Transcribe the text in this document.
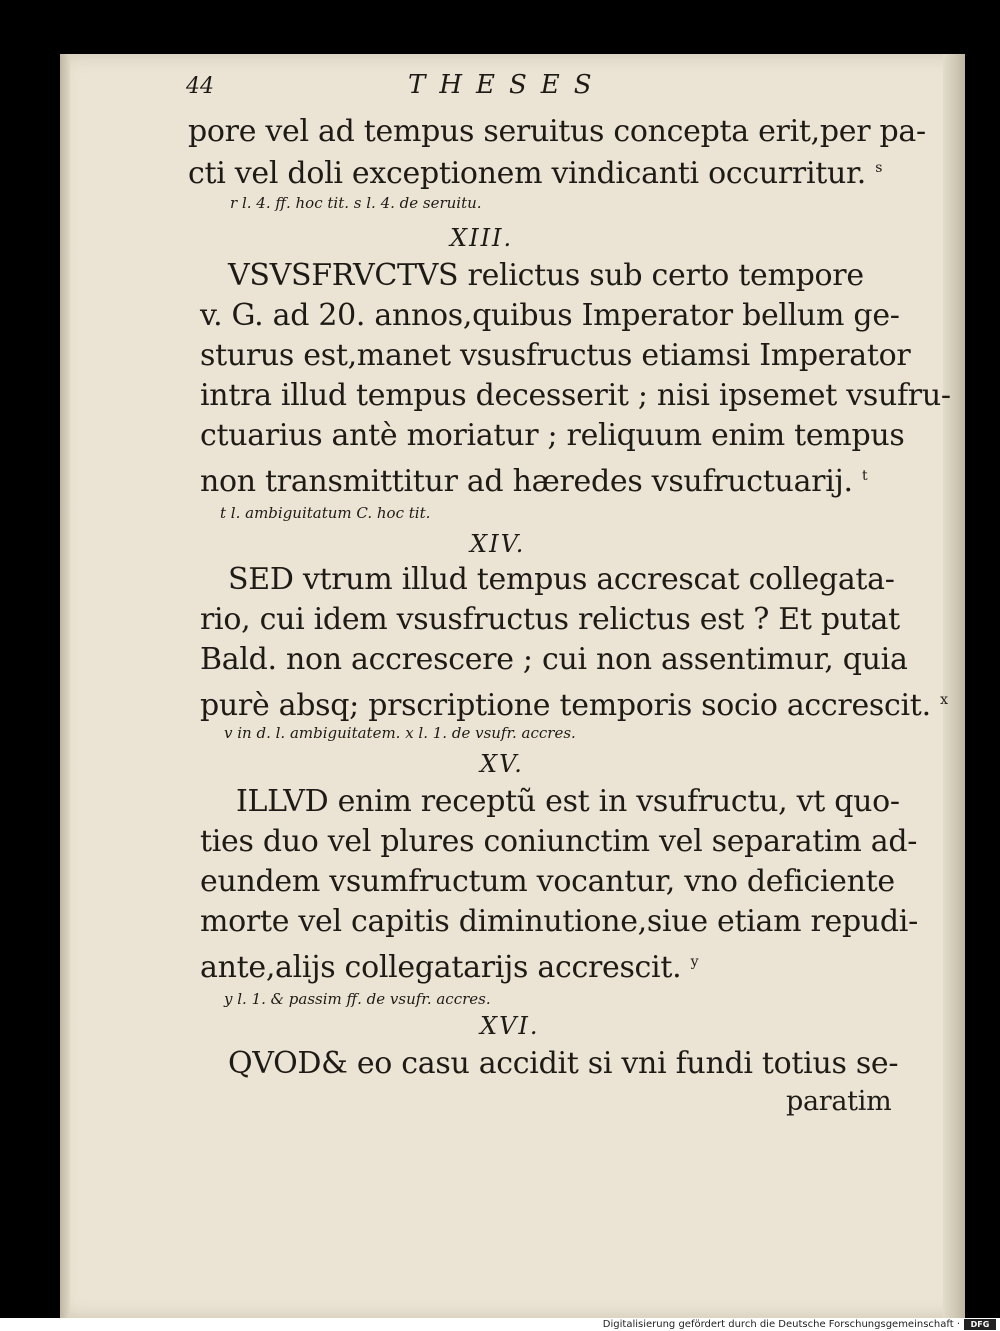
44	THESES
pore vel ad tempus seruitus concepta erit,per pa-
cti vel doli exceptionem vindicanti occurritur. $^s$
r l. 4. ff. hoc tit. s l. 4. de seruitu.
XIII.
VSVSFRVCTVS relictus sub certo tempore
v. G. ad 20. annos,quibus Imperator bellum ge-
sturus est,manet vsusfructus etiamsi Imperator
intra illud tempus decesserit ; nisi ipsemet vsufru-
ctuarius antè moriatur ; reliquum enim tempus
non transmittitur ad hæredes vsufructuarij. $^t$
t l. ambiguitatum C. hoc tit.
XIV.
SED vtrum illud tempus accrescat collegata-
rio, cui idem vsusfructus relictus est ? Et putat
Bald. non accrescere ; cui non assentimur, quia
purè absq; prscriptione temporis socio accrescit. $^x$
v in d. l. ambiguitatem. x l. 1. de vsufr. accres.
XV.
ILLVD enim receptũ est in vsufructu, vt quo-
ties duo vel plures coniunctim vel separatim ad-
eundem vsumfructum vocantur, vno deficiente
morte vel capitis diminutione,siue etiam repudi-
ante,alijs collegatarijs accrescit. $^y$
y l. 1. & passim ff. de vsufr. accres.
XVI.
QVOD& eo casu accidit si vni fundi totius se-
paratim
Digitalisierung gefördert durch die Deutsche Forschungsgemeinschaft ·	DFG
